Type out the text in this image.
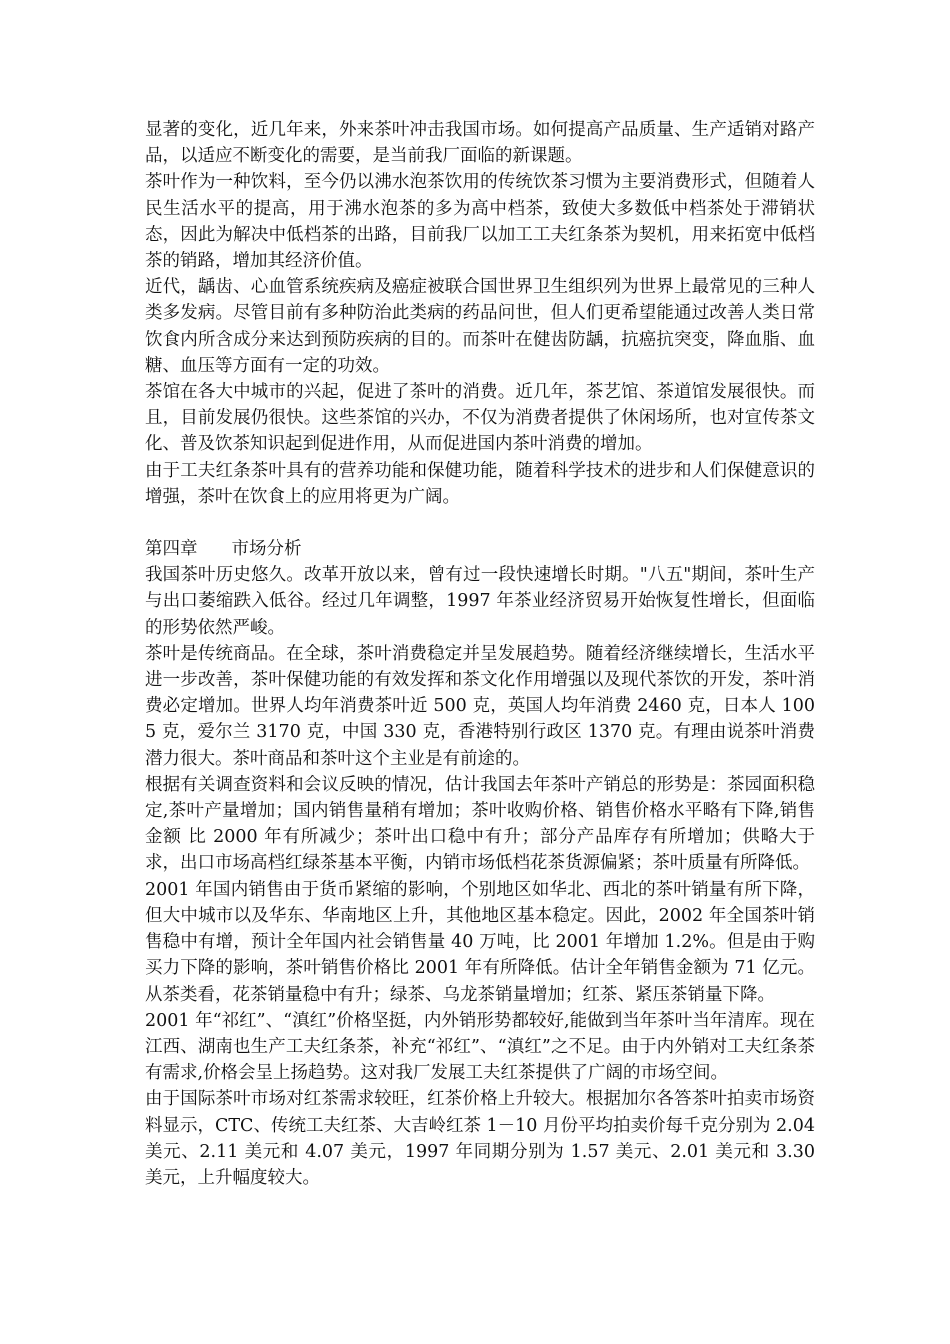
显著的变化，近几年来，外来茶叶冲击我国市场。如何提高产品质量、生产适销对路产品，以适应不断变化的需要，是当前我厂面临的新课题。

茶叶作为一种饮料，至今仍以沸水泡茶饮用的传统饮茶习惯为主要消费形式，但随着人民生活水平的提高，用于沸水泡茶的多为高中档茶，致使大多数低中档茶处于滞销状态，因此为解决中低档茶的出路，目前我厂以加工工夫红条茶为契机，用来拓宽中低档茶的销路，增加其经济价值。

近代，龋齿、心血管系统疾病及癌症被联合国世界卫生组织列为世界上最常见的三种人类多发病。尽管目前有多种防治此类病的药品问世，但人们更希望能通过改善人类日常饮食内所含成分来达到预防疾病的目的。而茶叶在健齿防龋，抗癌抗突变，降血脂、血糖、血压等方面有一定的功效。

茶馆在各大中城市的兴起，促进了茶叶的消费。近几年，茶艺馆、茶道馆发展很快。而且，目前发展仍很快。这些茶馆的兴办，不仅为消费者提供了休闲场所，也对宣传茶文化、普及饮茶知识起到促进作用，从而促进国内茶叶消费的增加。

由于工夫红条茶叶具有的营养功能和保健功能，随着科学技术的进步和人们保健意识的增强，茶叶在饮食上的应用将更为广阔。

第四章 市场分析

我国茶叶历史悠久。改革开放以来，曾有过一段快速增长时期。"八五"期间，茶叶生产与出口萎缩跌入低谷。经过几年调整，1997 年茶业经济贸易开始恢复性增长，但面临的形势依然严峻。

茶叶是传统商品。在全球，茶叶消费稳定并呈发展趋势。随着经济继续增长，生活水平进一步改善，茶叶保健功能的有效发挥和茶文化作用增强以及现代茶饮的开发，茶叶消费必定增加。世界人均年消费茶叶近 500 克，英国人均年消费 2460 克，日本人 1005 克，爱尔兰 3170 克，中国 330 克，香港特别行政区 1370 克。有理由说茶叶消费潜力很大。茶叶商品和茶叶这个主业是有前途的。

根据有关调查资料和会议反映的情况，估计我国去年茶叶产销总的形势是：茶园面积稳定,茶叶产量增加；国内销售量稍有增加；茶叶收购价格、销售价格水平略有下降,销售金额 比 2000 年有所减少；茶叶出口稳中有升；部分产品库存有所增加；供略大于求，出口市场高档红绿茶基本平衡，内销市场低档花茶货源偏紧；茶叶质量有所降低。

2001 年国内销售由于货币紧缩的影响，个别地区如华北、西北的茶叶销量有所下降，但大中城市以及华东、华南地区上升，其他地区基本稳定。因此，2002 年全国茶叶销售稳中有增，预计全年国内社会销售量 40 万吨，比 2001 年增加 1.2%。但是由于购买力下降的影响，茶叶销售价格比 2001 年有所降低。估计全年销售金额为 71 亿元。从茶类看，花茶销量稳中有升；绿茶、乌龙茶销量增加；红茶、紧压茶销量下降。

2001 年“祁红”、“滇红”价格坚挺，内外销形势都较好,能做到当年茶叶当年清库。现在江西、湖南也生产工夫红条茶，补充“祁红”、“滇红”之不足。由于内外销对工夫红条茶有需求,价格会呈上扬趋势。这对我厂发展工夫红茶提供了广阔的市场空间。

由于国际茶叶市场对红茶需求较旺，红茶价格上升较大。根据加尔各答茶叶拍卖市场资料显示，CTC、传统工夫红茶、大吉岭红茶 1－10 月份平均拍卖价每千克分别为 2.04 美元、2.11 美元和 4.07 美元，1997 年同期分别为 1.57 美元、2.01 美元和 3.30 美元，上升幅度较大。
